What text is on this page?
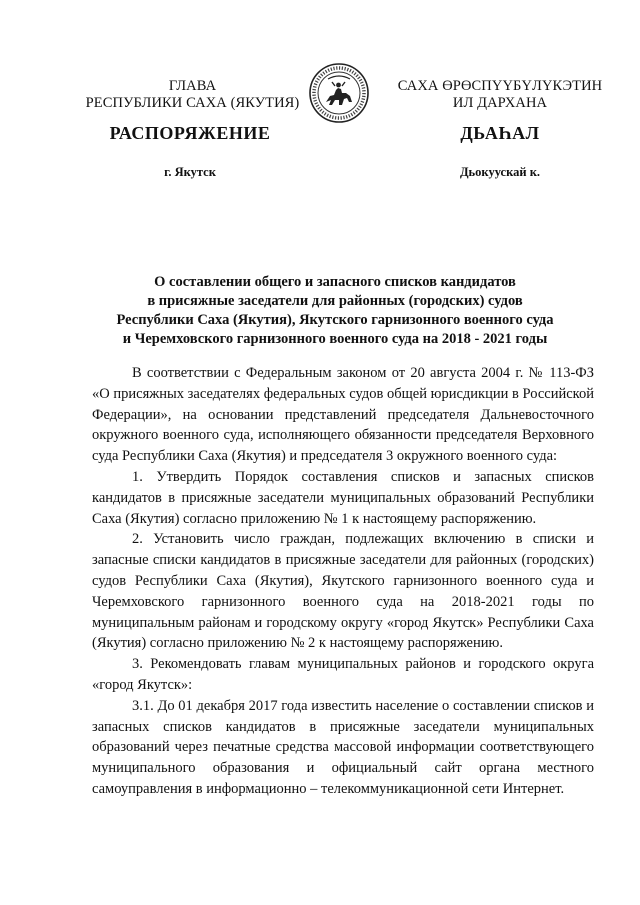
ГЛАВА
РЕСПУБЛИКИ САХА (ЯКУТИЯ)
САХА ӨРӨСПҮҮБҮЛҮКЭТИН
ИЛ ДАРХАНА
РАСПОРЯЖЕНИЕ	ДЬАҺАЛ
г. Якутск	Дьокуускай к.
О составлении общего и запасного списков кандидатов
в присяжные заседатели для районных (городских) судов
Республики Саха (Якутия), Якутского гарнизонного военного суда
и Черемховского гарнизонного военного суда на 2018 - 2021 годы

В соответствии с Федеральным законом от 20 августа 2004 г. № 113-ФЗ «О присяжных заседателях федеральных судов общей юрисдикции в Российской Федерации», на основании представлений председателя Дальневосточного окружного военного суда, исполняющего обязанности председателя Верховного суда Республики Саха (Якутия) и председателя 3 окружного военного суда:

1. Утвердить Порядок составления списков и запасных списков кандидатов в присяжные заседатели муниципальных образований Республики Саха (Якутия) согласно приложению № 1 к настоящему распоряжению.

2. Установить число граждан, подлежащих включению в списки и запасные списки кандидатов в присяжные заседатели для районных (городских) судов Республики Саха (Якутия), Якутского гарнизонного военного суда и Черемховского гарнизонного военного суда на 2018-2021 годы по муниципальным районам и городскому округу «город Якутск» Республики Саха (Якутия) согласно приложению № 2 к настоящему распоряжению.

3. Рекомендовать главам муниципальных районов и городского округа «город Якутск»:

3.1. До 01 декабря 2017 года известить население о составлении списков и запасных списков кандидатов в присяжные заседатели муниципальных образований через печатные средства массовой информации соответствующего муниципального образования и официальный сайт органа местного самоуправления в информационно – телекоммуникационной сети Интернет.
